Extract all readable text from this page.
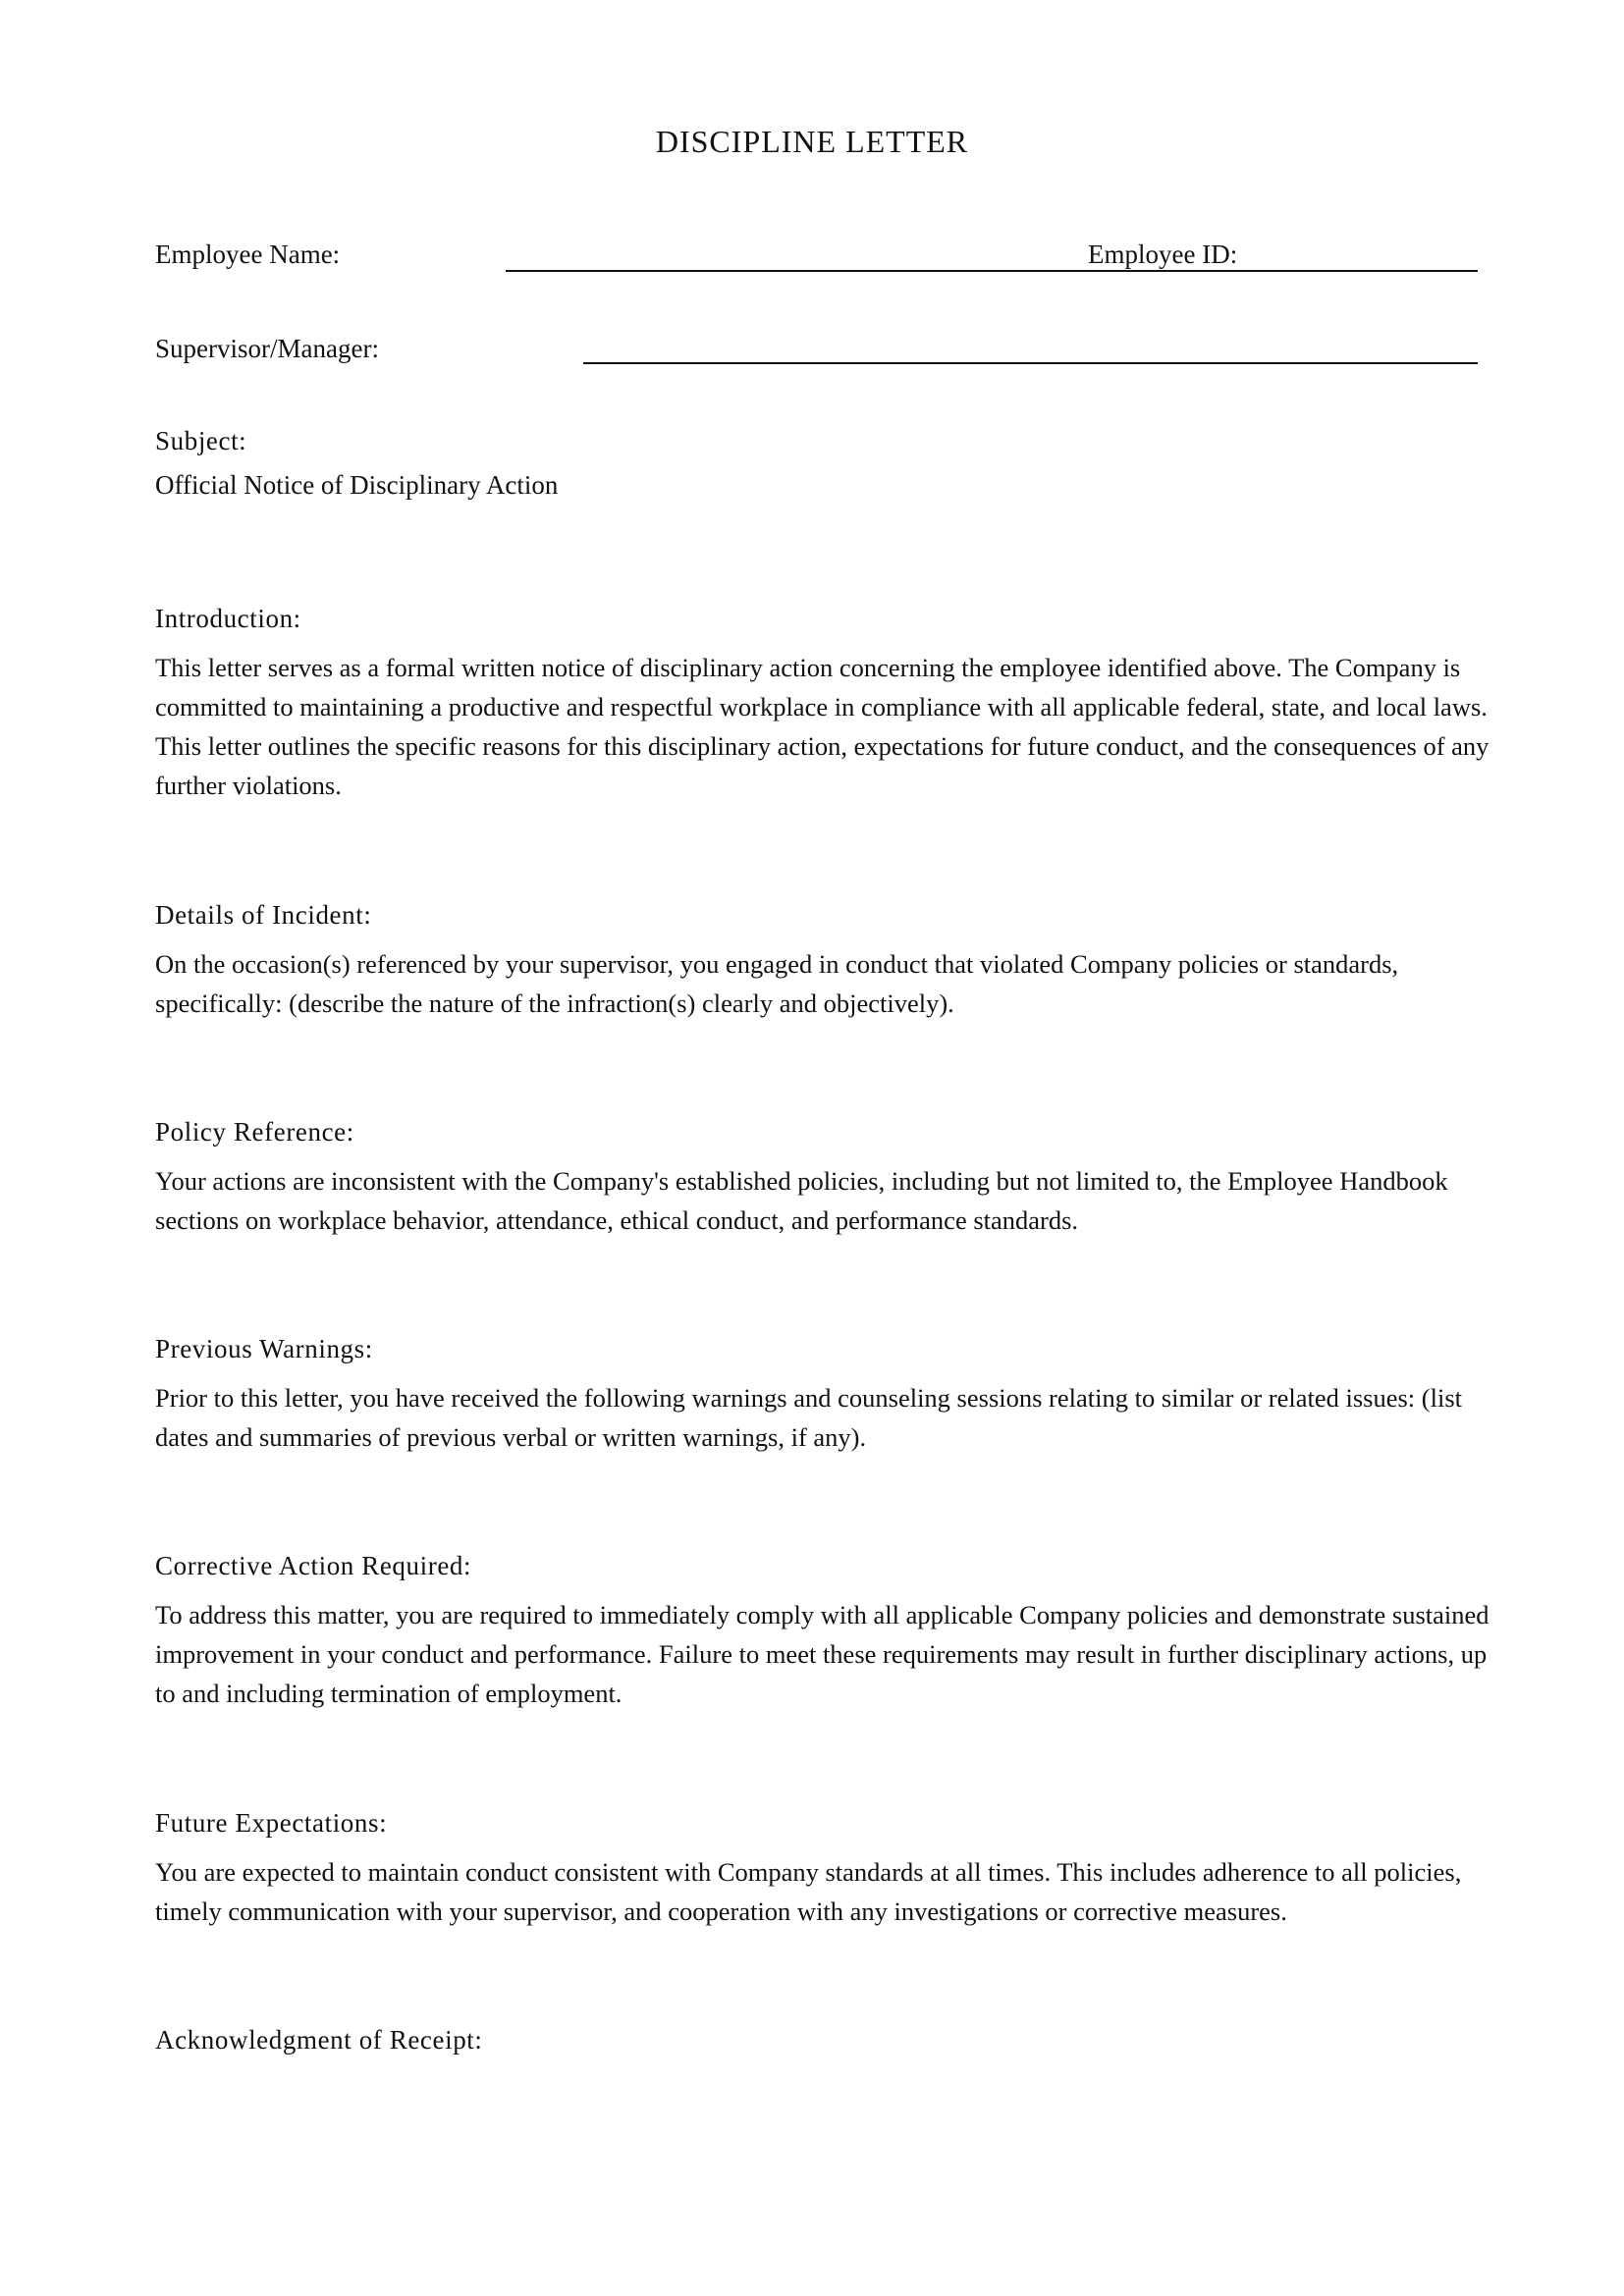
DISCIPLINE LETTER
Employee Name:	Employee ID:
Supervisor/Manager:
Subject:

Official Notice of Disciplinary Action

Introduction:

This letter serves as a formal written notice of disciplinary action concerning the employee identified above. The Company is committed to maintaining a productive and respectful workplace in compliance with all applicable federal, state, and local laws. This letter outlines the specific reasons for this disciplinary action, expectations for future conduct, and the consequences of any further violations.

Details of Incident:

On the occasion(s) referenced by your supervisor, you engaged in conduct that violated Company policies or standards, specifically: (describe the nature of the infraction(s) clearly and objectively).

Policy Reference:

Your actions are inconsistent with the Company's established policies, including but not limited to, the Employee Handbook sections on workplace behavior, attendance, ethical conduct, and performance standards.

Previous Warnings:

Prior to this letter, you have received the following warnings and counseling sessions relating to similar or related issues: (list dates and summaries of previous verbal or written warnings, if any).

Corrective Action Required:

To address this matter, you are required to immediately comply with all applicable Company policies and demonstrate sustained improvement in your conduct and performance. Failure to meet these requirements may result in further disciplinary actions, up to and including termination of employment.

Future Expectations:

You are expected to maintain conduct consistent with Company standards at all times. This includes adherence to all policies, timely communication with your supervisor, and cooperation with any investigations or corrective measures.

Acknowledgment of Receipt:
